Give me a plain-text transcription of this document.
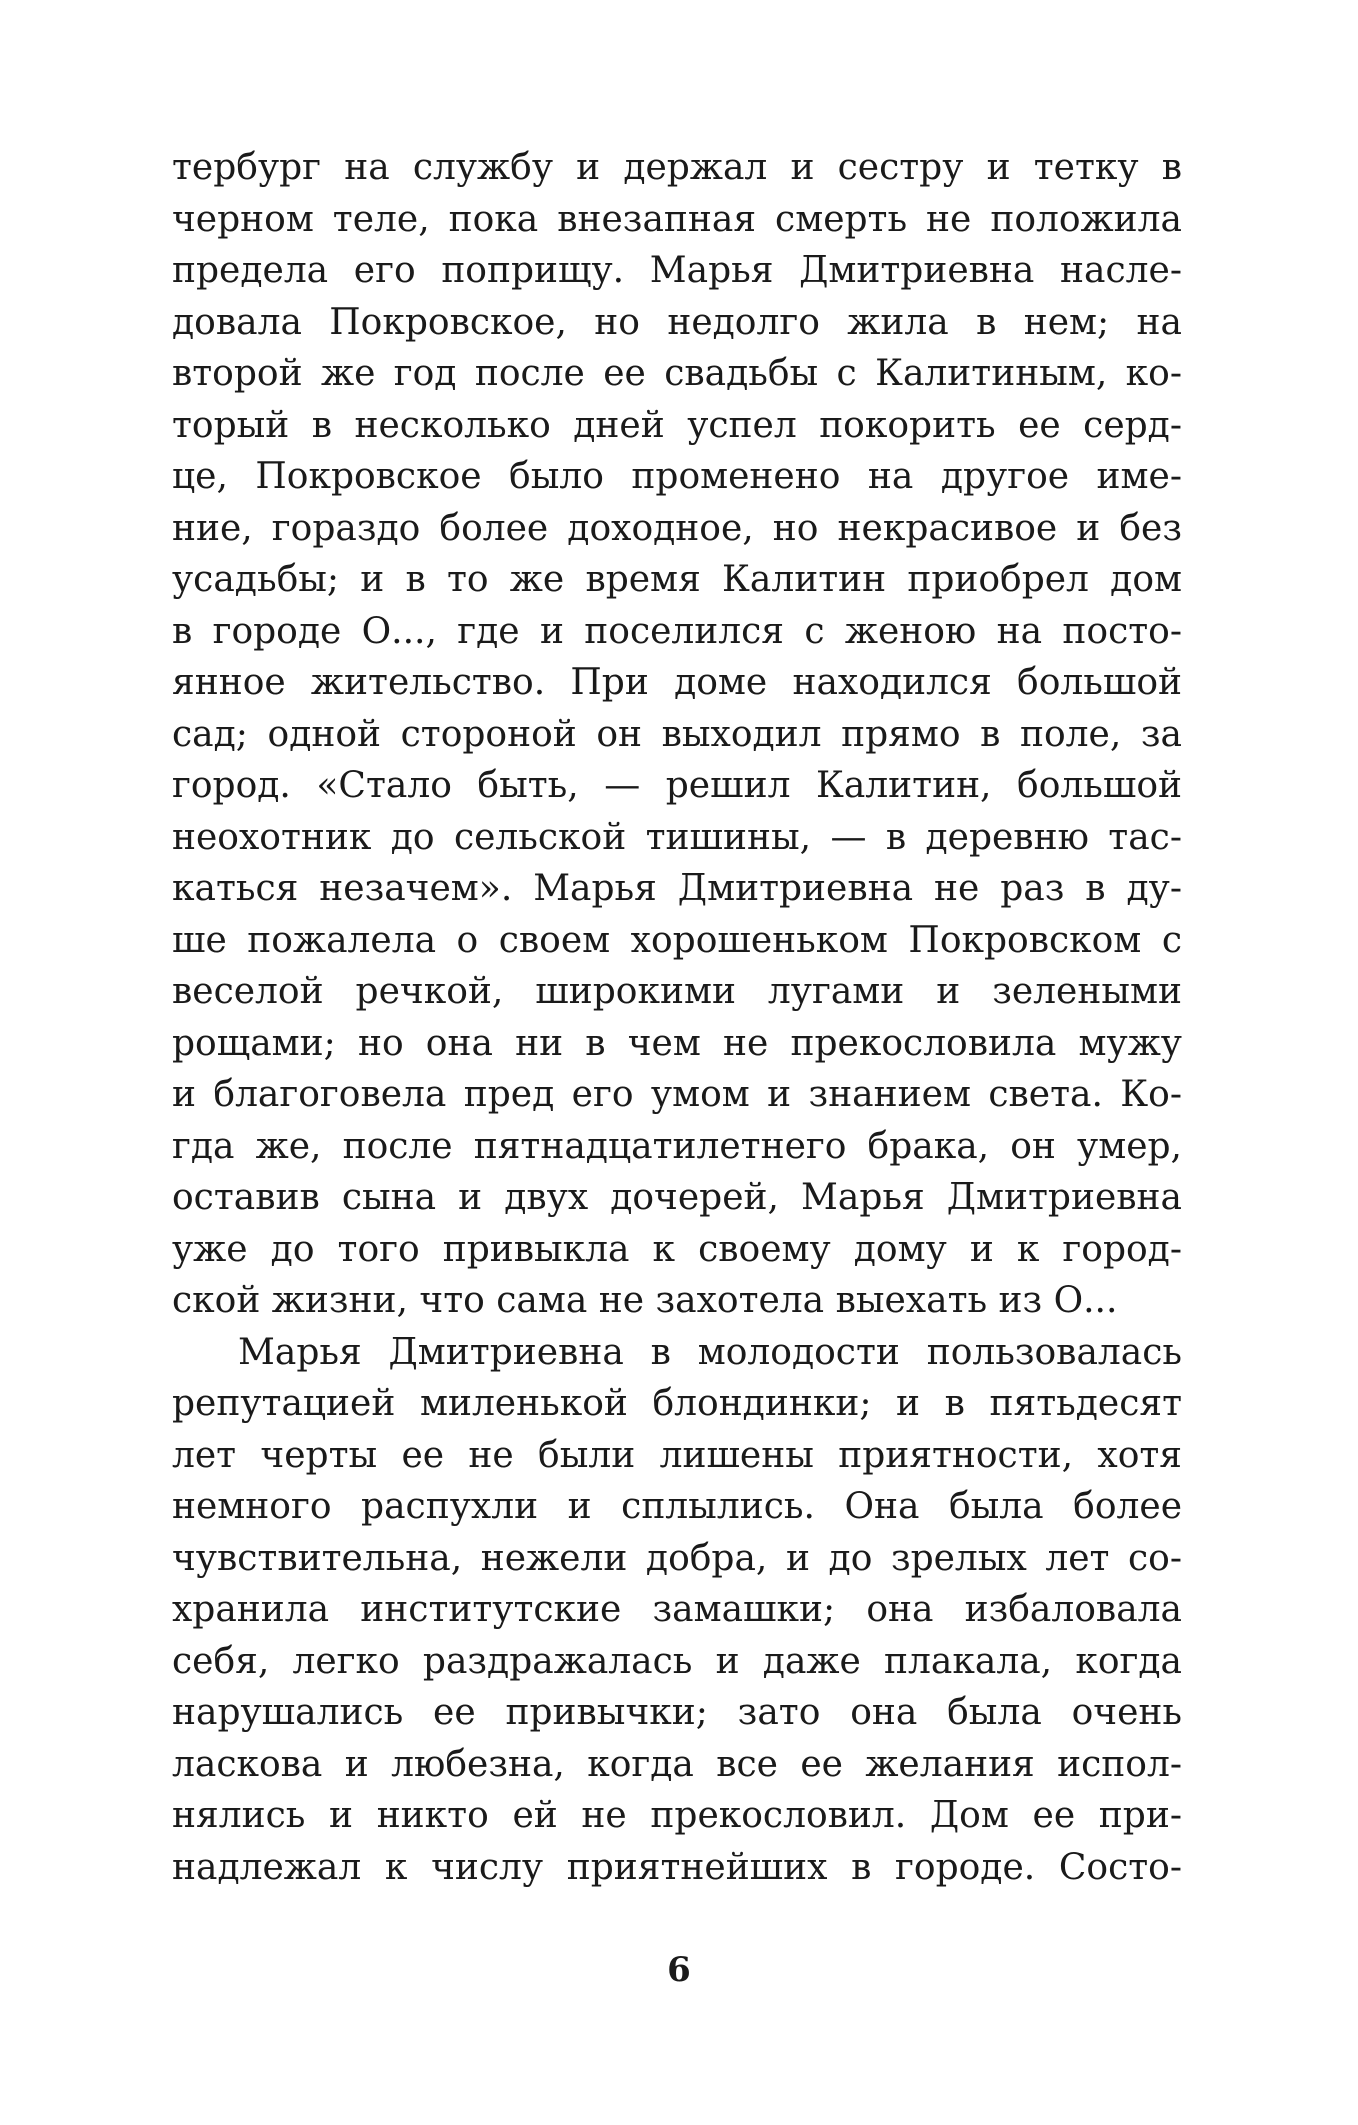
тербург на службу и держал и сестру и тетку в
черном теле, пока внезапная смерть не положила
предела его поприщу. Марья Дмитриевна насле-
довала Покровское, но недолго жила в нем; на
второй же год после ее свадьбы с Калитиным, ко-
торый в несколько дней успел покорить ее серд-
це, Покровское было променено на другое име-
ние, гораздо более доходное, но некрасивое и без
усадьбы; и в то же время Калитин приобрел дом
в городе О..., где и поселился с женою на посто-
янное жительство. При доме находился большой
сад; одной стороной он выходил прямо в поле, за
город. «Стало быть, — решил Калитин, большой
неохотник до сельской тишины, — в деревню тас-
каться незачем». Марья Дмитриевна не раз в ду-
ше пожалела о своем хорошеньком Покровском с
веселой речкой, широкими лугами и зелеными
рощами; но она ни в чем не прекословила мужу
и благоговела пред его умом и знанием света. Ко-
гда же, после пятнадцатилетнего брака, он умер,
оставив сына и двух дочерей, Марья Дмитриевна
уже до того привыкла к своему дому и к город-
ской жизни, что сама не захотела выехать из О...
Марья Дмитриевна в молодости пользовалась
репутацией миленькой блондинки; и в пятьдесят
лет черты ее не были лишены приятности, хотя
немного распухли и сплылись. Она была более
чувствительна, нежели добра, и до зрелых лет со-
хранила институтские замашки; она избаловала
себя, легко раздражалась и даже плакала, когда
нарушались ее привычки; зато она была очень
ласкова и любезна, когда все ее желания испол-
нялись и никто ей не прекословил. Дом ее при-
надлежал к числу приятнейших в городе. Состо-
6
